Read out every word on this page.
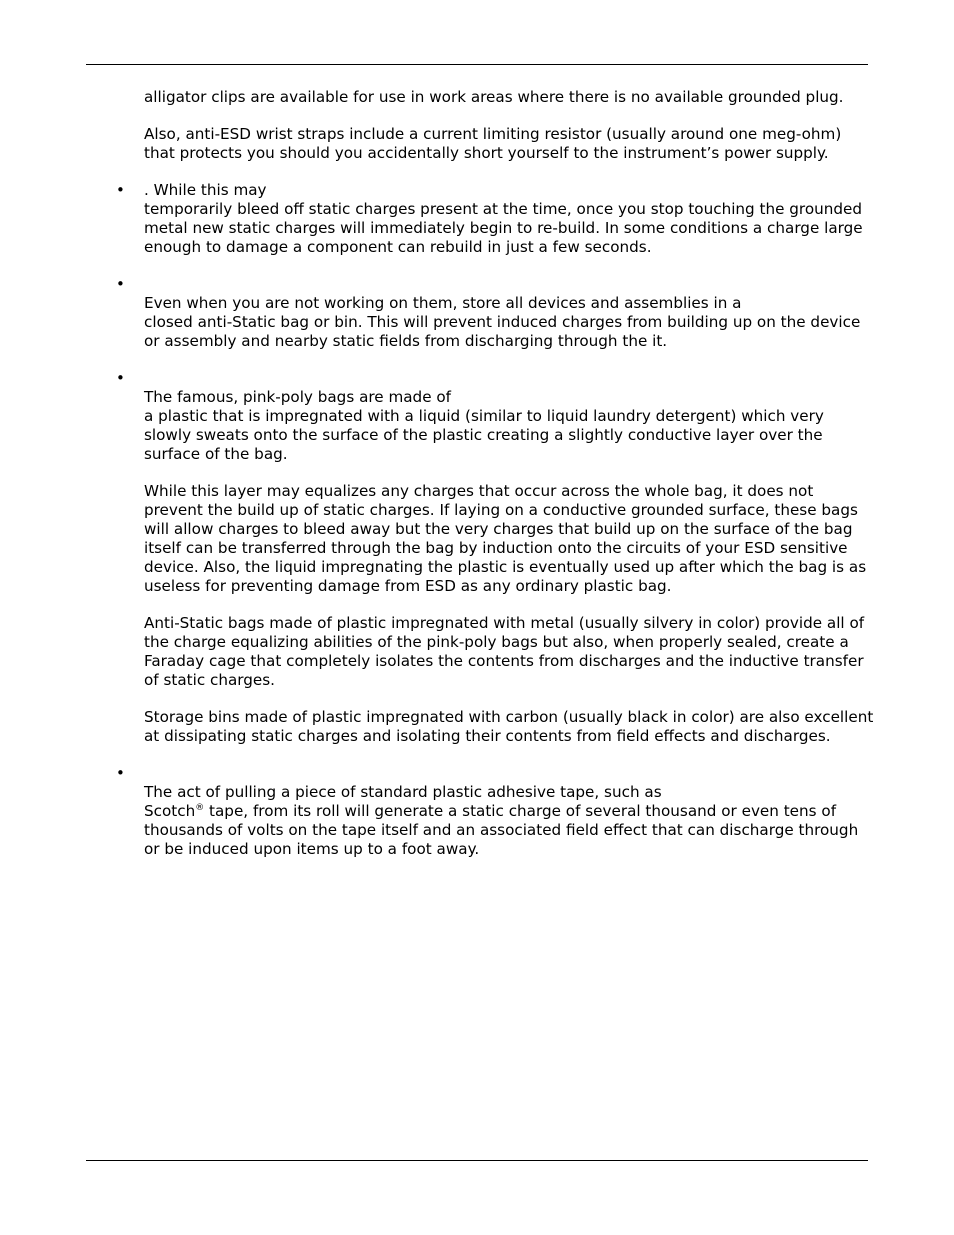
alligator clips are available for use in work areas where there is no available grounded plug.

Also, anti-ESD wrist straps include a current limiting resistor (usually around one meg-ohm) that protects you should you accidentally short yourself to the instrument’s power supply.

• . While this may

temporarily bleed off static charges present at the time, once you stop touching the grounded metal new static charges will immediately begin to re-build. In some conditions a charge large enough to damage a component can rebuild in just a few seconds.

•

Even when you are not working on them, store all devices and assemblies in a

closed anti-Static bag or bin. This will prevent induced charges from building up on the device or assembly and nearby static fields from discharging through the it.

•

The famous, pink-poly bags are made of

a plastic that is impregnated with a liquid (similar to liquid laundry detergent) which very slowly sweats onto the surface of the plastic creating a slightly conductive layer over the surface of the bag.

While this layer may equalizes any charges that occur across the whole bag, it does not prevent the build up of static charges. If laying on a conductive grounded surface, these bags will allow charges to bleed away but the very charges that build up on the surface of the bag itself can be transferred through the bag by induction onto the circuits of your ESD sensitive device. Also, the liquid impregnating the plastic is eventually used up after which the bag is as useless for preventing damage from ESD as any ordinary plastic bag.

Anti-Static bags made of plastic impregnated with metal (usually silvery in color) provide all of the charge equalizing abilities of the pink-poly bags but also, when properly sealed, create a Faraday cage that completely isolates the contents from discharges and the inductive transfer of static charges.

Storage bins made of plastic impregnated with carbon (usually black in color) are also excellent at dissipating static charges and isolating their contents from field effects and discharges.

•

The act of pulling a piece of standard plastic adhesive tape, such as

Scotch® tape, from its roll will generate a static charge of several thousand or even tens of thousands of volts on the tape itself and an associated field effect that can discharge through or be induced upon items up to a foot away.
